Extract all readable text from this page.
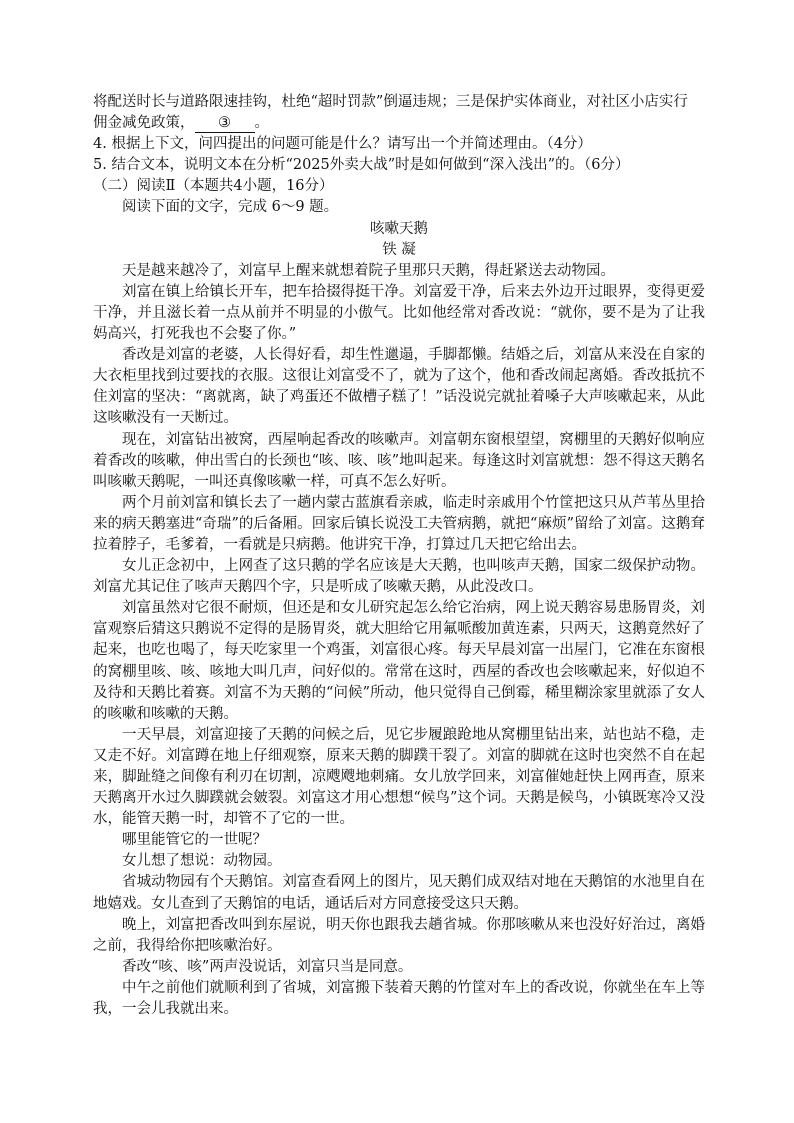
将配送时长与道路限速挂钩，杜绝“超时罚款”倒逼违规；三是保护实体商业，对社区小店实行

佣金减免政策， ③ 。

4. 根据上下文，问四提出的问题可能是什么？请写出一个并简述理由。（4分）

5. 结合文本，说明文本在分析“2025外卖大战”时是如何做到“深入浅出”的。（6分）

（二）阅读Ⅱ（本题共4小题，16分）

阅读下面的文字，完成 6～9 题。

咳嗽天鹅

铁 凝

天是越来越冷了，刘富早上醒来就想着院子里那只天鹅，得赶紧送去动物园。

刘富在镇上给镇长开车，把车拾掇得挺干净。刘富爱干净，后来去外边开过眼界，变得更爱干净，并且滋长着一点从前并不明显的小傲气。比如他经常对香改说：“就你，要不是为了让我妈高兴，打死我也不会娶了你。”

香改是刘富的老婆，人长得好看，却生性邋遢，手脚都懒。结婚之后，刘富从来没在自家的大衣柜里找到过要找的衣服。这很让刘富受不了，就为了这个，他和香改闹起离婚。香改抵抗不住刘富的坚决：“离就离，缺了鸡蛋还不做槽子糕了！”话没说完就扯着嗓子大声咳嗽起来，从此这咳嗽没有一天断过。

现在，刘富钻出被窝，西屋响起香改的咳嗽声。刘富朝东窗根望望，窝棚里的天鹅好似响应着香改的咳嗽，伸出雪白的长颈也“咳、咳、咳”地叫起来。每逢这时刘富就想：怨不得这天鹅名叫咳嗽天鹅呢，一叫还真像咳嗽一样，可真不怎么好听。

两个月前刘富和镇长去了一趟内蒙古蓝旗看亲戚，临走时亲戚用个竹筐把这只从芦苇丛里拾来的病天鹅塞进“奇瑞”的后备厢。回家后镇长说没工夫管病鹅，就把“麻烦”留给了刘富。这鹅耷拉着脖子，毛爹着，一看就是只病鹅。他讲究干净，打算过几天把它给出去。

女儿正念初中，上网查了这只鹅的学名应该是大天鹅，也叫咳声天鹅，国家二级保护动物。刘富尤其记住了咳声天鹅四个字，只是听成了咳嗽天鹅，从此没改口。

刘富虽然对它很不耐烦，但还是和女儿研究起怎么给它治病，网上说天鹅容易患肠胃炎，刘富观察后猜这只鹅说不定得的是肠胃炎，就大胆给它用氟哌酸加黄连素，只两天，这鹅竟然好了起来，也吃也喝了，每天吃家里一个鸡蛋，刘富很心疼。每天早晨刘富一出屋门，它准在东窗根的窝棚里咳、咳、咳地大叫几声，问好似的。常常在这时，西屋的香改也会咳嗽起来，好似迫不及待和天鹅比着赛。刘富不为天鹅的“问候”所动，他只觉得自己倒霉，稀里糊涂家里就添了女人的咳嗽和咳嗽的天鹅。

一天早晨，刘富迎接了天鹅的问候之后，见它步履踉跄地从窝棚里钻出来，站也站不稳，走又走不好。刘富蹲在地上仔细观察，原来天鹅的脚蹼干裂了。刘富的脚就在这时也突然不自在起来，脚趾缝之间像有利刃在切割，凉飕飕地刺痛。女儿放学回来，刘富催她赶快上网再查，原来天鹅离开水过久脚蹼就会皴裂。刘富这才用心想想“候鸟”这个词。天鹅是候鸟，小镇既寒冷又没水，能管天鹅一时，却管不了它的一世。

哪里能管它的一世呢？

女儿想了想说：动物园。

省城动物园有个天鹅馆。刘富查看网上的图片，见天鹅们成双结对地在天鹅馆的水池里自在地嬉戏。女儿查到了天鹅馆的电话，通话后对方同意接受这只天鹅。

晚上，刘富把香改叫到东屋说，明天你也跟我去趟省城。你那咳嗽从来也没好好治过，离婚之前，我得给你把咳嗽治好。

香改“咳、咳”两声没说话，刘富只当是同意。

中午之前他们就顺利到了省城，刘富搬下装着天鹅的竹筐对车上的香改说，你就坐在车上等我，一会儿我就出来。
